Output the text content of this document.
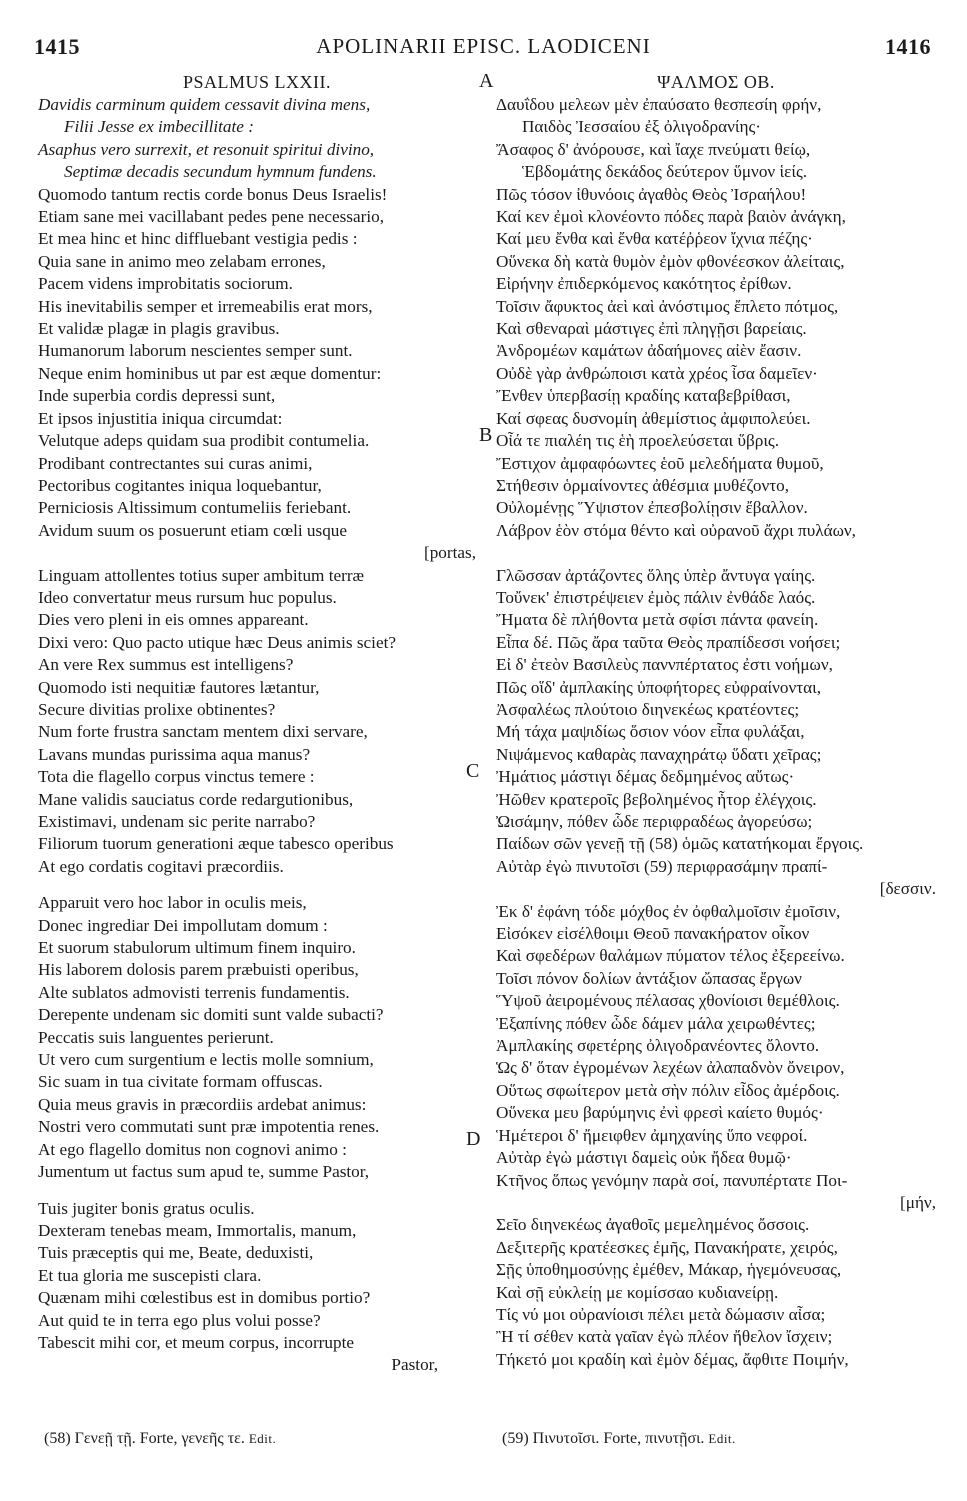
1415	APOLINARII EPISC. LAODICENI	1416
PSALMUS LXXII.
Davidis carminum quidem cessavit divina mens,
Filii Jesse ex imbecillitate :
Asaphus vero surrexit, et resonuit spiritui divino,
Septimæ decadis secundum hymnum fundens.
Quomodo tantum rectis corde bonus Deus Israelis!
Etiam sane mei vacillabant pedes pene necessario,
Et mea hinc et hinc diffluebant vestigia pedis :
Quia sane in animo meo zelabam errones,
Pacem videns improbitatis sociorum.
His inevitabilis semper et irremeabilis erat mors,
Et validæ plagæ in plagis gravibus.
Humanorum laborum nescientes semper sunt.
Neque enim hominibus ut par est æque domentur:
Inde superbia cordis depressi sunt,
Et ipsos injustitia iniqua circumdat:
Velutque adeps quidam sua prodibit contumelia.
Prodibant contrectantes sui curas animi,
Pectoribus cogitantes iniqua loquebantur,
Perniciosis Altissimum contumeliis feriebant.
Avidum suum os posuerunt etiam cœli usque
[portas,
Linguam attollentes totius super ambitum terræ
Ideo convertatur meus rursum huc populus.
Dies vero pleni in eis omnes appareant.
Dixi vero: Quo pacto utique hæc Deus animis sciet?
An vere Rex summus est intelligens?
Quomodo isti nequitiæ fautores lætantur,
Secure divitias prolixe obtinentes?
Num forte frustra sanctam mentem dixi servare,
Lavans mundas purissima aqua manus?
Tota die flagello corpus vinctus temere :
Mane validis sauciatus corde redargutionibus,
Existimavi, undenam sic perite narrabo?
Filiorum tuorum generationi æque tabesco operibus
At ego cordatis cogitavi præcordiis.
Apparuit vero hoc labor in oculis meis,
Donec ingrediar Dei impollutam domum :
Et suorum stabulorum ultimum finem inquiro.
His laborem dolosis parem præbuisti operibus,
Alte sublatos admovisti terrenis fundamentis.
Derepente undenam sic domiti sunt valde subacti?
Peccatis suis languentes perierunt.
Ut vero cum surgentium e lectis molle somnium,
Sic suam in tua civitate formam offuscas.
Quia meus gravis in præcordiis ardebat animus:
Nostri vero commutati sunt præ impotentia renes.
At ego flagello domitus non cognovi animo :
Jumentum ut factus sum apud te, summe Pastor,
Tuis jugiter bonis gratus oculis.
Dexteram tenebas meam, Immortalis, manum,
Tuis præceptis qui me, Beate, deduxisti,
Et tua gloria me suscepisti clara.
Quænam mihi cœlestibus est in domibus portio?
Aut quid te in terra ego plus volui posse?
Tabescit mihi cor, et meum corpus, incorrupte
Pastor,
ΨΑΛΜΟΣ ΟΒ.
Δαυΐδου μελεων μὲν ἐπαύσατο θεσπεσίη φρήν,
Παιδὸς Ἰεσσαίου ἐξ ὀλιγοδρανίης·
Ἄσαφος δ' ἀνόρουσε, καὶ ἴαχε πνεύματι θείῳ,
Ἑβδομάτης δεκάδος δεύτερον ὕμνον ἱείς.
Πῶς τόσον ἰθυνόοις ἀγαθὸς Θεὸς Ἰσραήλου!
Καί κεν ἐμοὶ κλονέοντο πόδες παρὰ βαιὸν ἀνάγκη,
Καί μευ ἔνθα καὶ ἔνθα κατέῤῥεον ἴχνια πέζης·
Οὕνεκα δὴ κατὰ θυμὸν ἐμὸν φθονέεσκον ἀλείταις,
Εἰρήνην ἐπιδερκόμενος κακότητος ἐρίθων.
Τοῖσιν ἄφυκτος ἀεὶ καὶ ἀνόστιμος ἔπλετο πότμος,
Καὶ σθεναραὶ μάστιγες ἐπὶ πληγῇσι βαρείαις.
Ἀνδρομέων καμάτων ἀδαήμονες αἰὲν ἔασιν.
Οὐδὲ γὰρ ἀνθρώποισι κατὰ χρέος ἶσα δαμεῖεν·
Ἔνθεν ὑπερβασίῃ κραδίης καταβεβρίθασι,
Καί σφεας δυσνομίη ἀθεμίστιος ἀμφιπολεύει.
Οἶά τε πιαλέη τις ἑὴ προελεύσεται ὕβρις.
Ἔστιχον ἀμφαφόωντες ἑοῦ μελεδήματα θυμοῦ,
Στήθεσιν ὁρμαίνοντες ἀθέσμια μυθέζοντο,
Οὐλομένῃς Ὕψιστον ἐπεσβολίῃσιν ἔβαλλον.
Λάβρον ἑὸν στόμα θέντο καὶ οὐρανοῦ ἄχρι πυλάων,

Γλῶσσαν ἀρτάζοντες ὅλης ὑπὲρ ἄντυγα γαίης.
Τοὔνεκ' ἐπιστρέψειεν ἐμὸς πάλιν ἐνθάδε λαός.
Ἤματα δὲ πλήθοντα μετὰ σφίσι πάντα φανείη.
Εἶπα δέ. Πῶς ἄρα ταῦτα Θεὸς πραπίδεσσι νοήσει;
Εἰ δ' ἐτεὸν Βασιλεὺς παννπέρτατος ἐστι νοήμων,
Πῶς οἵδ' ἀμπλακίης ὑποφήτορες εὐφραίνονται,
Ἀσφαλέως πλούτοιο διηνεκέως κρατέοντες;
Μή τάχα μαψιδίως ὅσιον νόον εἶπα φυλάξαι,
Νιψάμενος καθαρὰς παναχηράτῳ ὕδατι χεῖρας;
Ἠμάτιος μάστιγι δέμας δεδμημένος αὔτως·
Ἠῶθεν κρατεροῖς βεβολημένος ἦτορ ἐλέγχοις.
Ὠισάμην, πόθεν ὧδε περιφραδέως ἀγορεύσω;
Παίδων σῶν γενεῇ τῇ (58) ὁμῶς κατατήκομαι ἔργοις.
Αὐτὰρ ἐγὼ πινυτοῖσι (59) περιφρασάμην πραπί-
[δεσσιν.
Ἐκ δ' ἐφάνη τόδε μόχθος ἐν ὀφθαλμοῖσιν ἐμοῖσιν,
Εἰσόκεν εἰσέλθοιμι Θεοῦ πανακήρατον οἶκον
Καὶ σφεδέρων θαλάμων πύματον τέλος ἐξερεείνω.
Τοῖσι πόνον δολίων ἀντάξιον ὤπασας ἔργων
Ὕψοῦ ἀειρομένους πέλασας χθονίοισι θεμέθλοις.
Ἐξαπίνης πόθεν ὧδε δάμεν μάλα χειρωθέντες;
Ἀμπλακίης σφετέρης ὀλιγοδρανέοντες ὄλοντο.
Ὡς δ' ὅταν ἐγρομένων λεχέων ἀλαπαδνὸν ὄνειρον,
Οὕτως σφωίτερον μετὰ σὴν πόλιν εἶδος ἀμέρδοις.
Οὕνεκα μευ βαρύμηνις ἐνὶ φρεσὶ καίετο θυμός·
Ἡμέτεροι δ' ἤμειφθεν ἀμηχανίης ὕπο νεφροί.
Αὐτὰρ ἐγὼ μάστιγι δαμεὶς οὐκ ἤδεα θυμῷ·
Κτῆνος ὅπως γενόμην παρὰ σοί, πανυπέρτατε Ποι-
[μήν,
Σεῖο διηνεκέως ἀγαθοῖς μεμελημένος ὄσσοις.
Δεξιτερῆς κρατέεσκες ἐμῆς, Πανακήρατε, χειρός,
Σῇς ὑποθημοσύνῃς ἐμέθεν, Μάκαρ, ἡγεμόνευσας,
Καὶ σῇ εὐκλείῃ με κομίσσαο κυδιανείρῃ.
Τίς νύ μοι οὐρανίοισι πέλει μετὰ δώμασιν αἶσα;
Ἢ τί σέθεν κατὰ γαῖαν ἐγὼ πλέον ἤθελον ἴσχειν;
Τήκετό μοι κραδίη καὶ ἐμὸν δέμας, ἄφθιτε Ποιμήν,
A
B
C
D
(58) Γενεῇ τῇ. Forte, γενεῆς τε. Edit.	(59) Πινυτοῖσι. Forte, πινυτῇσι. Edit.
